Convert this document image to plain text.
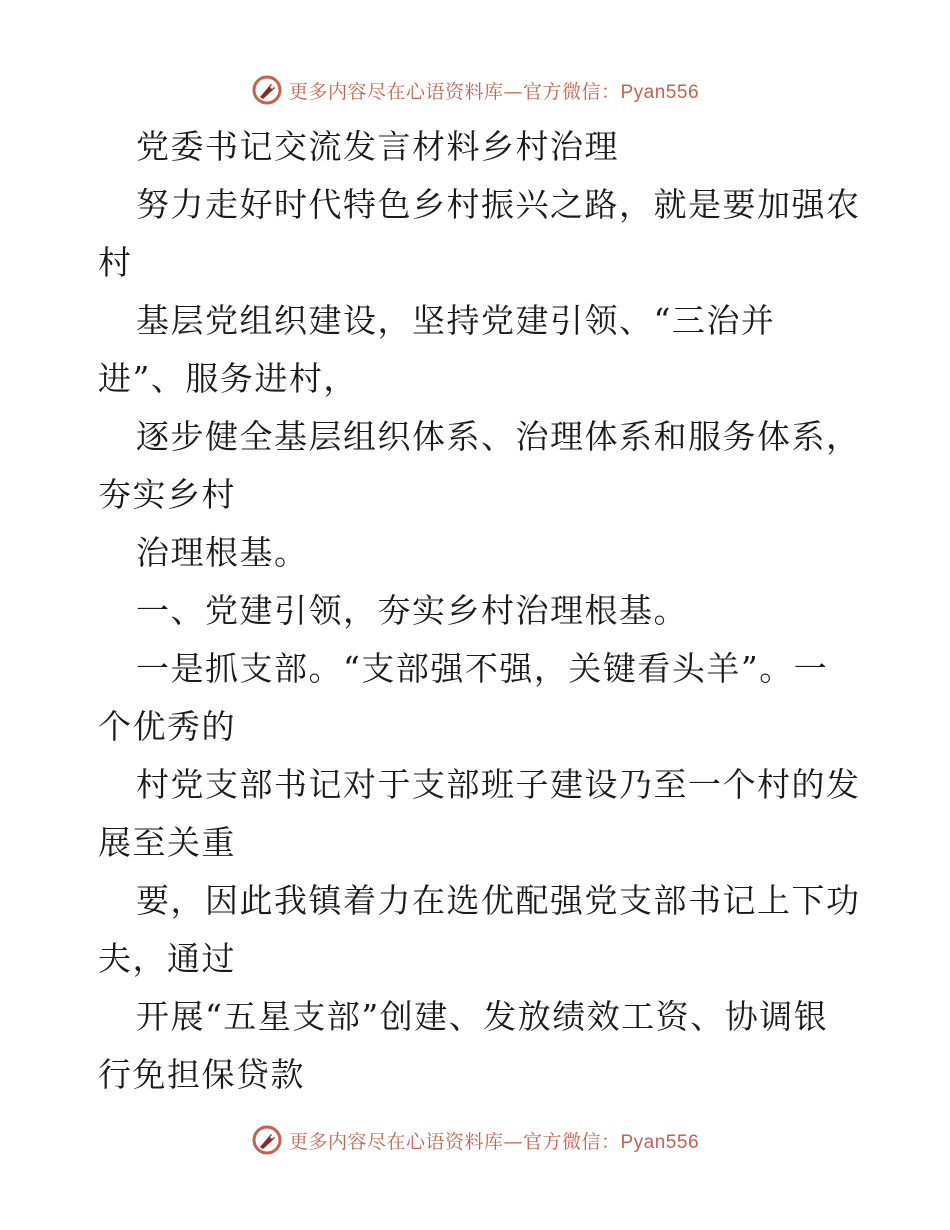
更多内容尽在心语资料库—官方微信：Pyan556
党委书记交流发言材料乡村治理
努力走好时代特色乡村振兴之路，就是要加强农
村
基层党组织建设，坚持党建引领、“三治并
进”、服务进村，
逐步健全基层组织体系、治理体系和服务体系，
夯实乡村
治理根基。
一、党建引领，夯实乡村治理根基。
一是抓支部。“支部强不强，关键看头羊”。一
个优秀的
村党支部书记对于支部班子建设乃至一个村的发
展至关重
要，因此我镇着力在选优配强党支部书记上下功
夫，通过
开展“五星支部”创建、发放绩效工资、协调银
行免担保贷款
更多内容尽在心语资料库—官方微信：Pyan556
